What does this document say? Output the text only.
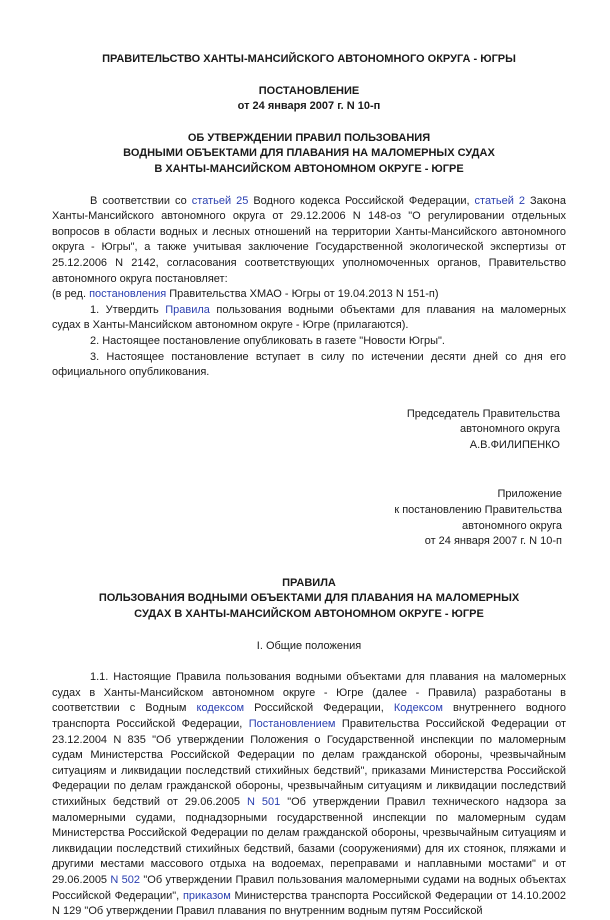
ПРАВИТЕЛЬСТВО ХАНТЫ-МАНСИЙСКОГО АВТОНОМНОГО ОКРУГА - ЮГРЫ

ПОСТАНОВЛЕНИЕ

от 24 января 2007 г. N 10-п

ОБ УТВЕРЖДЕНИИ ПРАВИЛ ПОЛЬЗОВАНИЯ

ВОДНЫМИ ОБЪЕКТАМИ ДЛЯ ПЛАВАНИЯ НА МАЛОМЕРНЫХ СУДАХ

В ХАНТЫ-МАНСИЙСКОМ АВТОНОМНОМ ОКРУГЕ - ЮГРЕ

В соответствии со статьей 25 Водного кодекса Российской Федерации, статьей 2 Закона Ханты-Мансийского автономного округа от 29.12.2006 N 148-оз "О регулировании отдельных вопросов в области водных и лесных отношений на территории Ханты-Мансийского автономного округа - Югры", а также учитывая заключение Государственной экологической экспертизы от 25.12.2006 N 2142, согласования соответствующих уполномоченных органов, Правительство автономного округа постановляет:

(в ред. постановления Правительства ХМАО - Югры от 19.04.2013 N 151-п)

1. Утвердить Правила пользования водными объектами для плавания на маломерных судах в Ханты-Мансийском автономном округе - Югре (прилагаются).

2. Настоящее постановление опубликовать в газете "Новости Югры".

3. Настоящее постановление вступает в силу по истечении десяти дней со дня его официального опубликования.

Председатель Правительства

автономного округа

А.В.ФИЛИПЕНКО

Приложение

к постановлению Правительства

автономного округа

от 24 января 2007 г. N 10-п

ПРАВИЛА

ПОЛЬЗОВАНИЯ ВОДНЫМИ ОБЪЕКТАМИ ДЛЯ ПЛАВАНИЯ НА МАЛОМЕРНЫХ

СУДАХ В ХАНТЫ-МАНСИЙСКОМ АВТОНОМНОМ ОКРУГЕ - ЮГРЕ

I. Общие положения

1.1. Настоящие Правила пользования водными объектами для плавания на маломерных судах в Ханты-Мансийском автономном округе - Югре (далее - Правила) разработаны в соответствии с Водным кодексом Российской Федерации, Кодексом внутреннего водного транспорта Российской Федерации, Постановлением Правительства Российской Федерации от 23.12.2004 N 835 "Об утверждении Положения о Государственной инспекции по маломерным судам Министерства Российской Федерации по делам гражданской обороны, чрезвычайным ситуациям и ликвидации последствий стихийных бедствий", приказами Министерства Российской Федерации по делам гражданской обороны, чрезвычайным ситуациям и ликвидации последствий стихийных бедствий от 29.06.2005 N 501 "Об утверждении Правил технического надзора за маломерными судами, поднадзорными государственной инспекции по маломерным судам Министерства Российской Федерации по делам гражданской обороны, чрезвычайным ситуациям и ликвидации последствий стихийных бедствий, базами (сооружениями) для их стоянок, пляжами и другими местами массового отдыха на водоемах, переправами и наплавными мостами" и от 29.06.2005 N 502 "Об утверждении Правил пользования маломерными судами на водных объектах Российской Федерации", приказом Министерства транспорта Российской Федерации от 14.10.2002 N 129 "Об утверждении Правил плавания по внутренним водным путям Российской
